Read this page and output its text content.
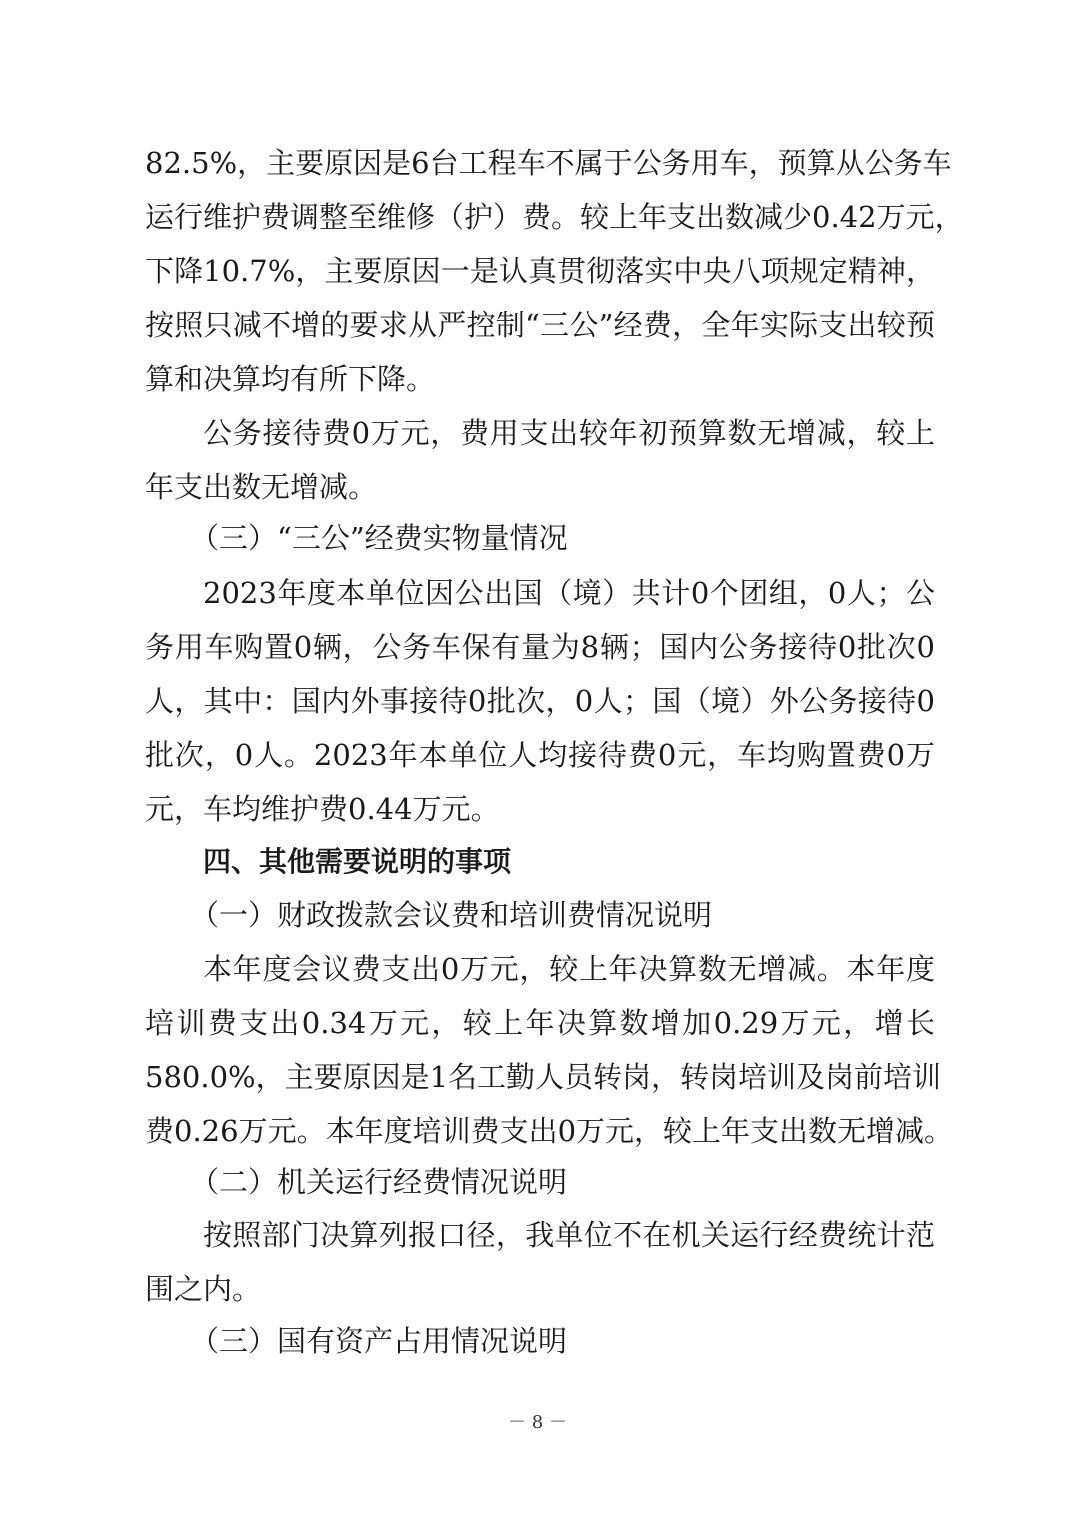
82.5%，主要原因是6台工程车不属于公务用车，预算从公务车
运行维护费调整至维修（护）费。较上年支出数减少0.42万元，
下降10.7%，主要原因一是认真贯彻落实中央八项规定精神，
按照只减不增的要求从严控制“三公”经费，全年实际支出较预
算和决算均有所下降。
公务接待费0万元，费用支出较年初预算数无增减，较上
年支出数无增减。
（三）“三公”经费实物量情况
2023年度本单位因公出国（境）共计0个团组，0人；公
务用车购置0辆，公务车保有量为8辆；国内公务接待0批次0
人，其中：国内外事接待0批次，0人；国（境）外公务接待0
批次，0人。2023年本单位人均接待费0元，车均购置费0万
元，车均维护费0.44万元。
四、其他需要说明的事项
（一）财政拨款会议费和培训费情况说明
本年度会议费支出0万元，较上年决算数无增减。本年度
培训费支出0.34万元，较上年决算数增加0.29万元，增长
580.0%，主要原因是1名工勤人员转岗，转岗培训及岗前培训
费0.26万元。本年度培训费支出0万元，较上年支出数无增减。
（二）机关运行经费情况说明
按照部门决算列报口径，我单位不在机关运行经费统计范
围之内。
（三）国有资产占用情况说明
－ 8 －
